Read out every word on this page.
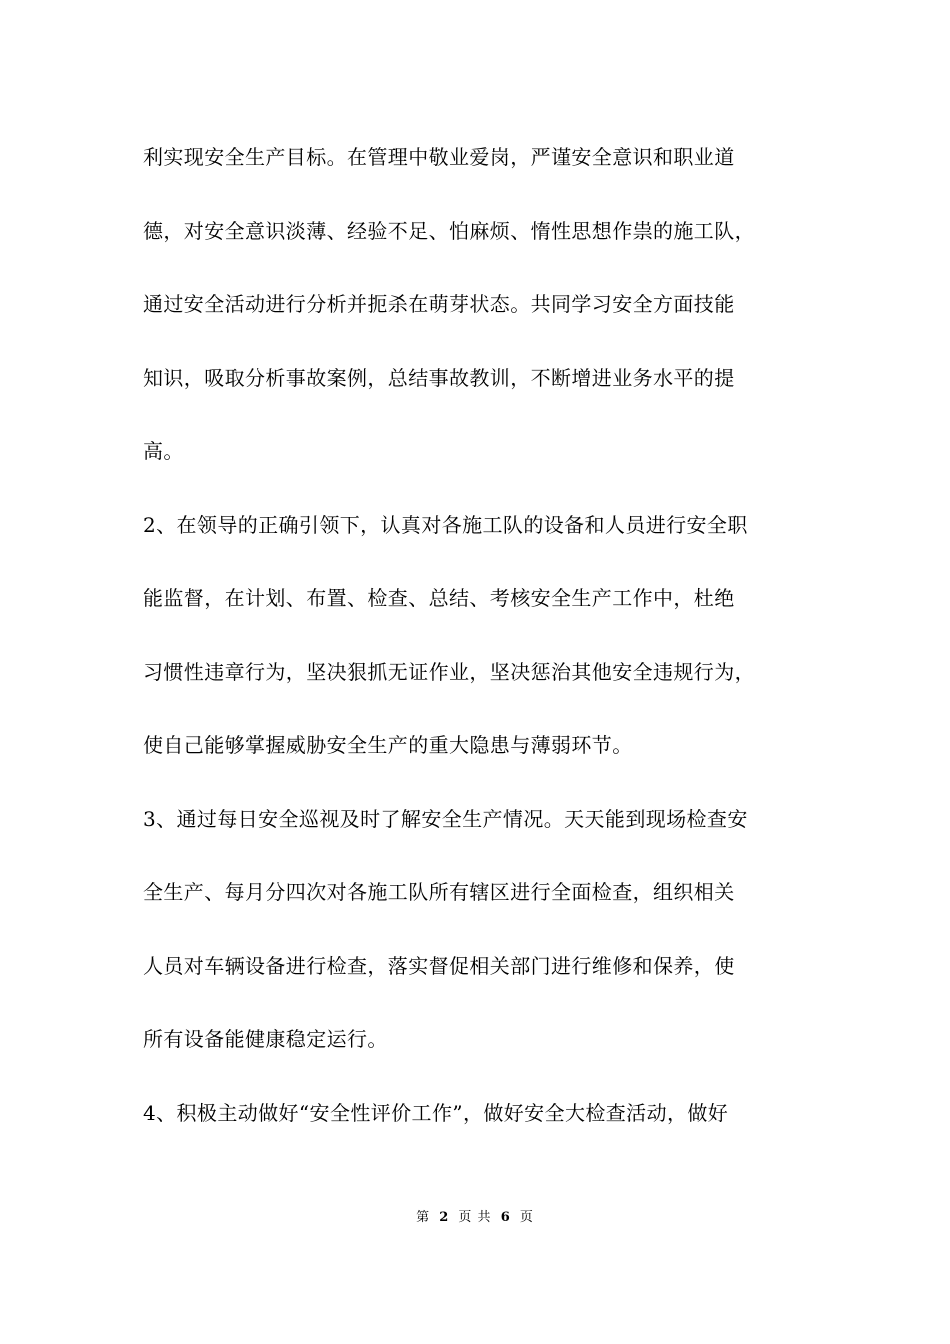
利实现安全生产目标。在管理中敬业爱岗，严谨安全意识和职业道
德，对安全意识淡薄、经验不足、怕麻烦、惰性思想作祟的施工队，
通过安全活动进行分析并扼杀在萌芽状态。共同学习安全方面技能
知识，吸取分析事故案例，总结事故教训，不断增进业务水平的提
高。
2、在领导的正确引领下，认真对各施工队的设备和人员进行安全职
能监督，在计划、布置、检查、总结、考核安全生产工作中，杜绝
习惯性违章行为，坚决狠抓无证作业，坚决惩治其他安全违规行为，
使自己能够掌握威胁安全生产的重大隐患与薄弱环节。
3、通过每日安全巡视及时了解安全生产情况。天天能到现场检查安
全生产、每月分四次对各施工队所有辖区进行全面检查，组织相关
人员对车辆设备进行检查，落实督促相关部门进行维修和保养，使
所有设备能健康稳定运行。
4、积极主动做好“安全性评价工作”，做好安全大检查活动，做好
第 2 页 共 6 页
